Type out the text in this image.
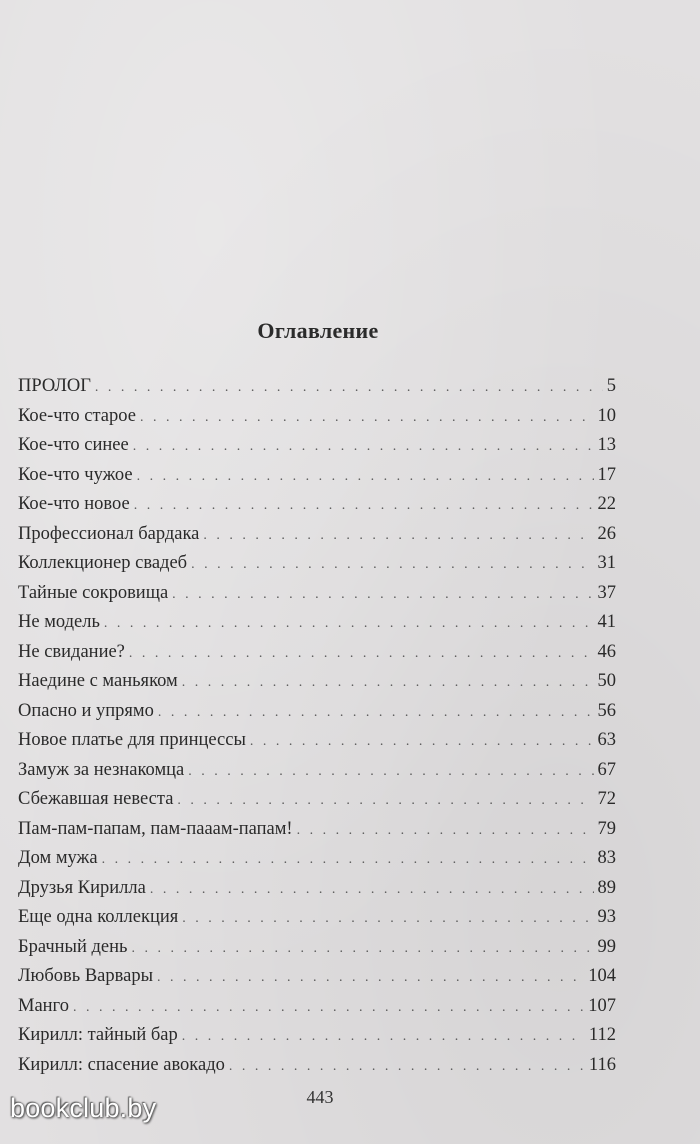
Оглавление
ПРОЛОГ . . .	5
Кое-что старое . . .	10
Кое-что синее . . .	13
Кое-что чужое . . .	17
Кое-что новое . . .	22
Профессионал бардака . . .	26
Коллекционер свадеб . . .	31
Тайные сокровища . . .	37
Не модель . . .	41
Не свидание? . . .	46
Наедине с маньяком . . .	50
Опасно и упрямо . . .	56
Новое платье для принцессы . . .	63
Замуж за незнакомца . . .	67
Сбежавшая невеста . . .	72
Пам-пам-папам, пам-пааам-папам! . . .	79
Дом мужа . . .	83
Друзья Кирилла . . .	89
Еще одна коллекция . . .	93
Брачный день . . .	99
Любовь Варвары . . .	104
Манго . . .	107
Кирилл: тайный бар . . .	112
Кирилл: спасение авокадо . . .	116
443
bookclub.by
